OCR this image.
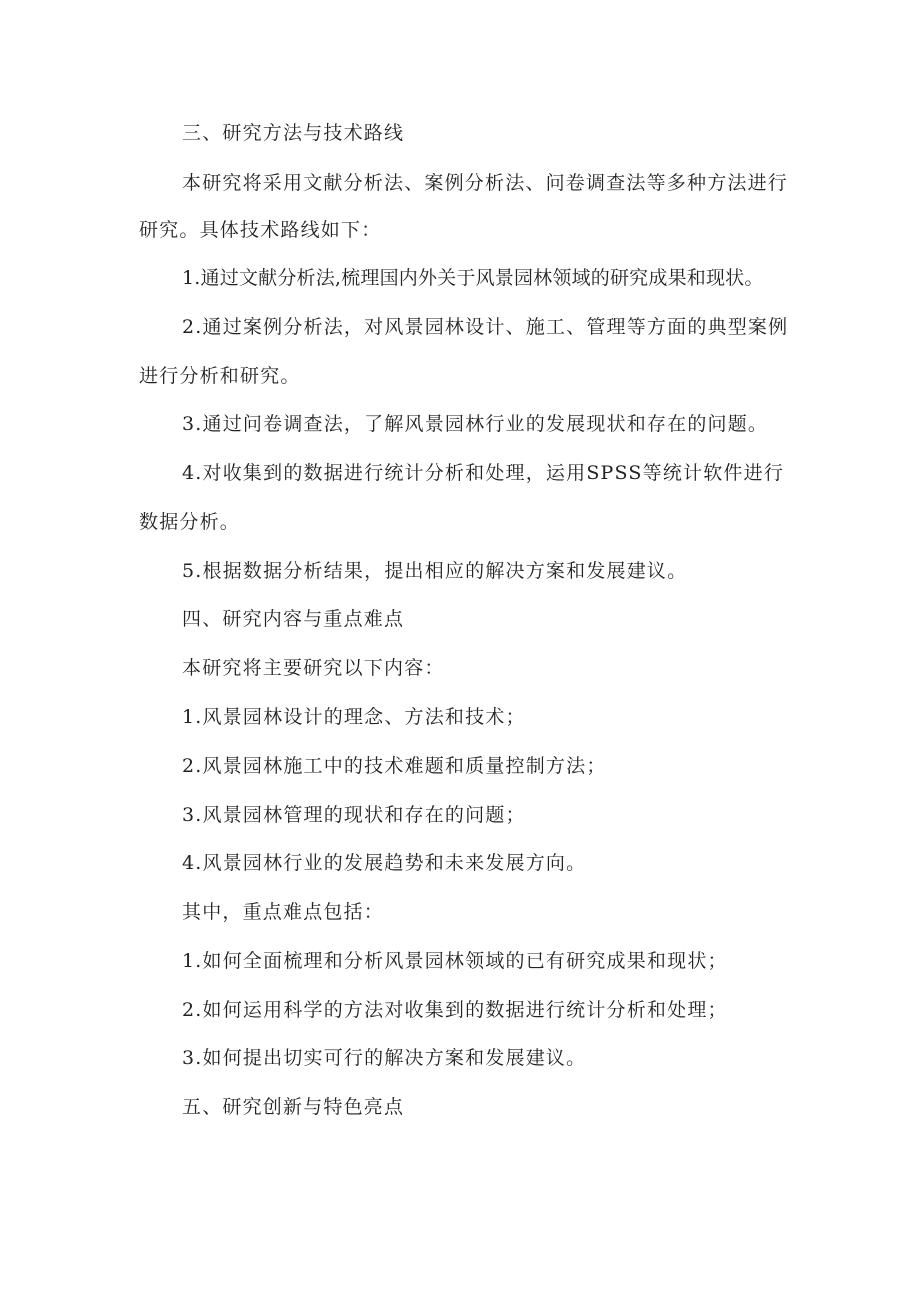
三、研究方法与技术路线
本研究将采用文献分析法、案例分析法、问卷调查法等多种方法进行
研究。具体技术路线如下：
1.通过文献分析法,梳理国内外关于风景园林领域的研究成果和现状。
2.通过案例分析法，对风景园林设计、施工、管理等方面的典型案例
进行分析和研究。
3.通过问卷调查法，了解风景园林行业的发展现状和存在的问题。
4.对收集到的数据进行统计分析和处理，运用SPSS等统计软件进行
数据分析。
5.根据数据分析结果，提出相应的解决方案和发展建议。
四、研究内容与重点难点
本研究将主要研究以下内容：
1.风景园林设计的理念、方法和技术；
2.风景园林施工中的技术难题和质量控制方法；
3.风景园林管理的现状和存在的问题；
4.风景园林行业的发展趋势和未来发展方向。
其中，重点难点包括：
1.如何全面梳理和分析风景园林领域的已有研究成果和现状；
2.如何运用科学的方法对收集到的数据进行统计分析和处理；
3.如何提出切实可行的解决方案和发展建议。
五、研究创新与特色亮点
